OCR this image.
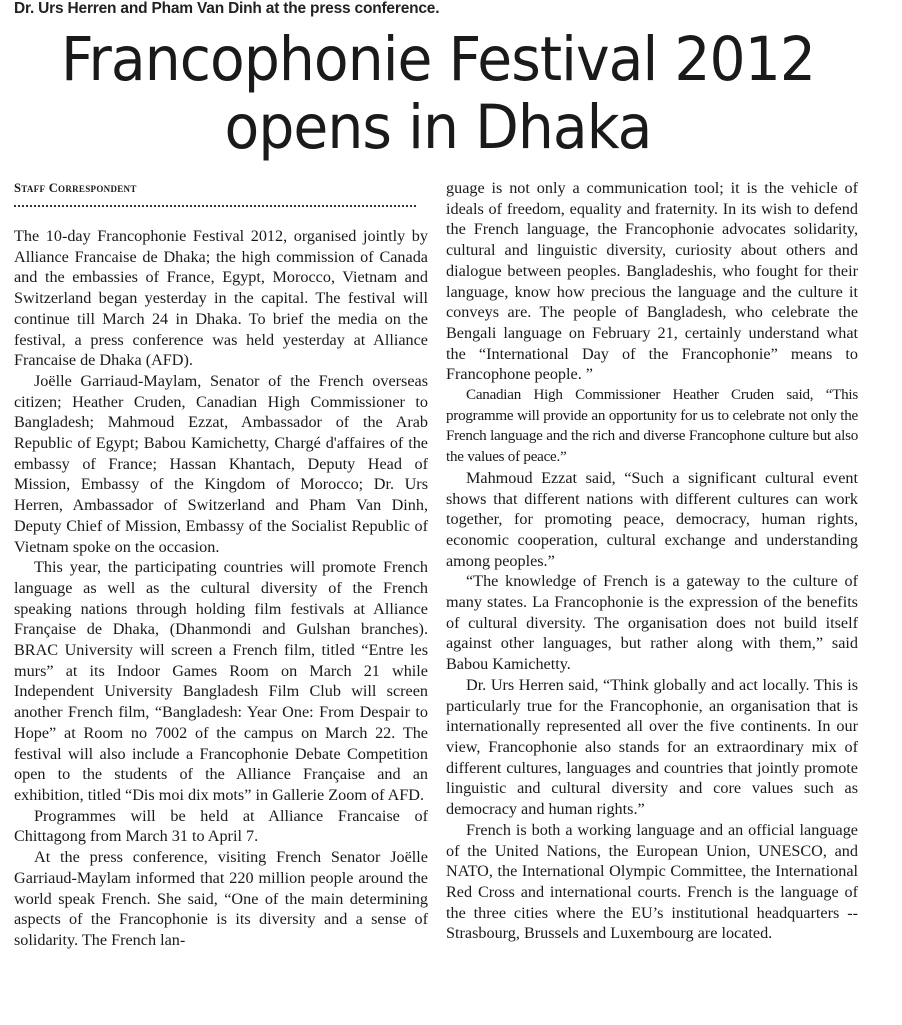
Dr. Urs Herren and Pham Van Dinh at the press conference.
Francophonie Festival 2012
opens in Dhaka
Staff Correspondent

The 10-day Francophonie Festival 2012, organised jointly by Alliance Francaise de Dhaka; the high commission of Canada and the embassies of France, Egypt, Morocco, Vietnam and Switzerland began yesterday in the capital. The festival will continue till March 24 in Dhaka. To brief the media on the festival, a press conference was held yesterday at Alliance Francaise de Dhaka (AFD).

Joëlle Garriaud-Maylam, Senator of the French overseas citizen; Heather Cruden, Canadian High Commissioner to Bangladesh; Mahmoud Ezzat, Ambassador of the Arab Republic of Egypt; Babou Kamichetty, Chargé d'affaires of the embassy of France; Hassan Khantach, Deputy Head of Mission, Embassy of the Kingdom of Morocco; Dr. Urs Herren, Ambassador of Switzerland and Pham Van Dinh, Deputy Chief of Mission, Embassy of the Socialist Republic of Vietnam spoke on the occasion.

This year, the participating countries will promote French language as well as the cultural diversity of the French speaking nations through holding film festivals at Alliance Française de Dhaka, (Dhanmondi and Gulshan branches). BRAC University will screen a French film, titled “Entre les murs” at its Indoor Games Room on March 21 while Independent University Bangladesh Film Club will screen another French film, “Bangladesh: Year One: From Despair to Hope” at Room no 7002 of the campus on March 22. The festival will also include a Francophonie Debate Competition open to the students of the Alliance Française and an exhibition, titled “Dis moi dix mots” in Gallerie Zoom of AFD.

Programmes will be held at Alliance Francaise of Chittagong from March 31 to April 7.

At the press conference, visiting French Senator Joëlle Garriaud-Maylam informed that 220 million people around the world speak French. She said, “One of the main determining aspects of the Francophonie is its diversity and a sense of solidarity. The French lan-

guage is not only a communication tool; it is the vehicle of ideals of freedom, equality and fraternity. In its wish to defend the French language, the Francophonie advocates solidarity, cultural and linguistic diversity, curiosity about others and dialogue between peoples. Bangladeshis, who fought for their language, know how precious the language and the culture it conveys are. The people of Bangladesh, who celebrate the Bengali language on February 21, certainly understand what the “International Day of the Francophonie” means to Francophone people. ”

Canadian High Commissioner Heather Cruden said, “This programme will provide an opportunity for us to celebrate not only the French language and the rich and diverse Francophone culture but also the values of peace.”

Mahmoud Ezzat said, “Such a significant cultural event shows that different nations with different cultures can work together, for promoting peace, democracy, human rights, economic cooperation, cultural exchange and understanding among peoples.”

“The knowledge of French is a gateway to the culture of many states. La Francophonie is the expression of the benefits of cultural diversity. The organisation does not build itself against other languages, but rather along with them,” said Babou Kamichetty.

Dr. Urs Herren said, “Think globally and act locally. This is particularly true for the Francophonie, an organisation that is internationally represented all over the five continents. In our view, Francophonie also stands for an extraordinary mix of different cultures, languages and countries that jointly promote linguistic and cultural diversity and core values such as democracy and human rights.”

French is both a working language and an official language of the United Nations, the European Union, UNESCO, and NATO, the International Olympic Committee, the International Red Cross and international courts. French is the language of the three cities where the EU’s institutional headquarters -- Strasbourg, Brussels and Luxembourg are located.
